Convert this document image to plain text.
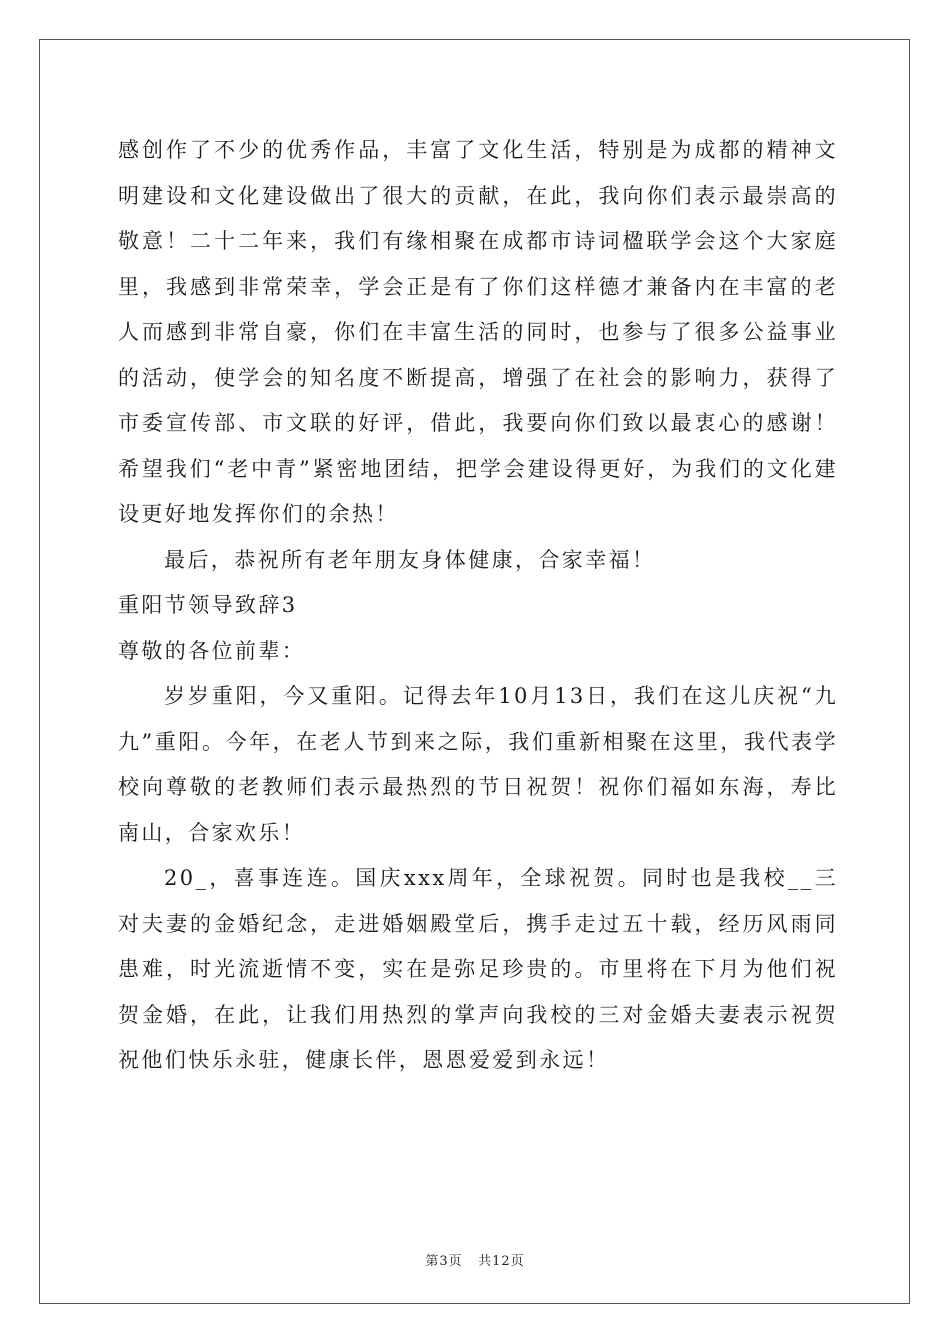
感创作了不少的优秀作品，丰富了文化生活，特别是为成都的精神文明建设和文化建设做出了很大的贡献，在此，我向你们表示最崇高的敬意！二十二年来，我们有缘相聚在成都市诗词楹联学会这个大家庭里，我感到非常荣幸，学会正是有了你们这样德才兼备内在丰富的老人而感到非常自豪，你们在丰富生活的同时，也参与了很多公益事业的活动，使学会的知名度不断提高，增强了在社会的影响力，获得了市委宣传部、市文联的好评，借此，我要向你们致以最衷心的感谢！希望我们“老中青”紧密地团结，把学会建设得更好，为我们的文化建设更好地发挥你们的余热！

最后，恭祝所有老年朋友身体健康，合家幸福！

重阳节领导致辞3

尊敬的各位前辈：

岁岁重阳，今又重阳。记得去年10月13日，我们在这儿庆祝“九九”重阳。今年，在老人节到来之际，我们重新相聚在这里，我代表学校向尊敬的老教师们表示最热烈的节日祝贺！祝你们福如东海，寿比南山，合家欢乐！

20_，喜事连连。国庆xxx周年，全球祝贺。同时也是我校__三对夫妻的金婚纪念，走进婚姻殿堂后，携手走过五十载，经历风雨同患难，时光流逝情不变，实在是弥足珍贵的。市里将在下月为他们祝贺金婚，在此，让我们用热烈的掌声向我校的三对金婚夫妻表示祝贺祝他们快乐永驻，健康长伴，恩恩爱爱到永远！

第3页 共12页
